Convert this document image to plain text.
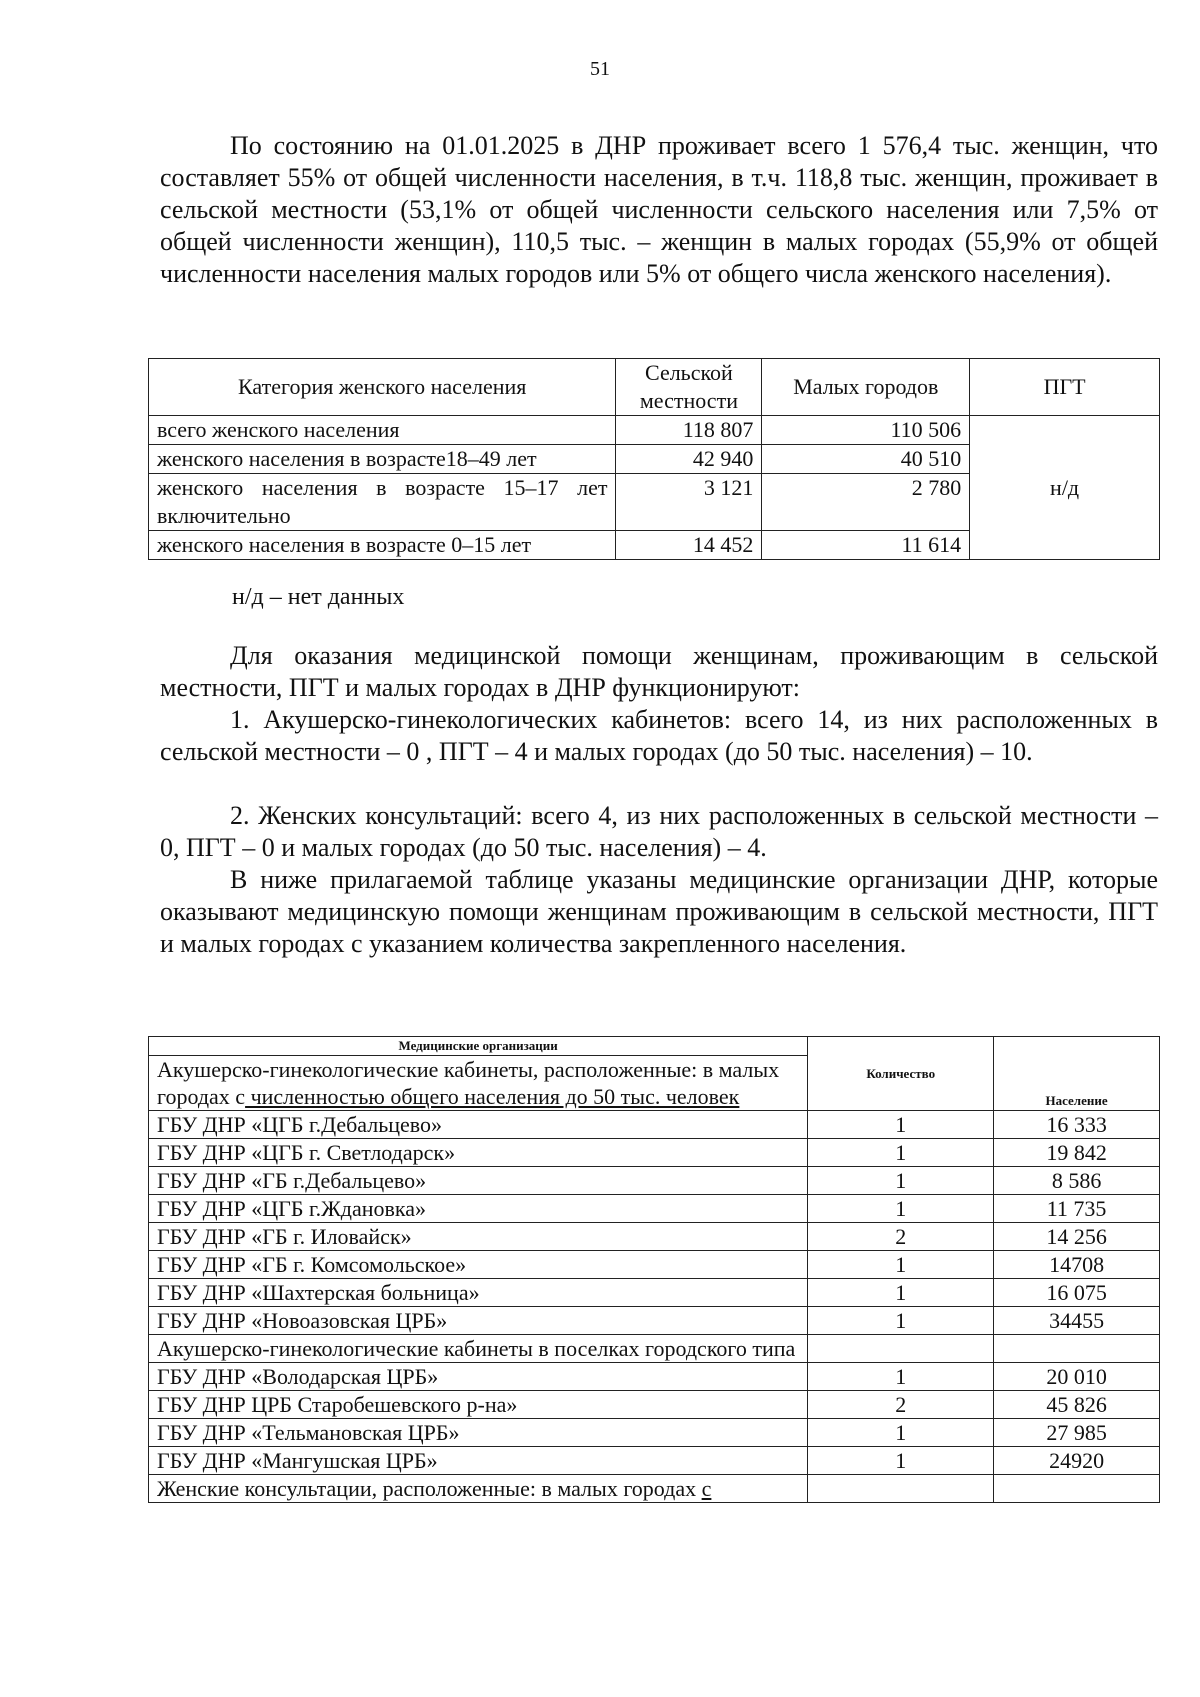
51

По состоянию на 01.01.2025 в ДНР проживает всего 1 576,4 тыс. женщин, что составляет 55% от общей численности населения, в т.ч. 118,8 тыс. женщин, проживает в сельской местности (53,1% от общей численности сельского населения или 7,5% от общей численности женщин), 110,5 тыс. – женщин в малых городах (55,9% от общей численности населения малых городов или 5% от общего числа женского населения).

Категория женского населения	Сельской местности	Малых городов	ПГТ
всего женского населения	118 807	110 506	н/д
женского населения в возрасте18–49 лет	42 940	40 510	
женского населения в возрасте 15–17 лет включительно	3 121	2 780	
женского населения в возрасте 0–15 лет	14 452	11 614	
н/д – нет данных

Для оказания медицинской помощи женщинам, проживающим в сельской местности, ПГТ и малых городах в ДНР функционируют:

1. Акушерско-гинекологических кабинетов: всего 14, из них расположенных в сельской местности – 0 , ПГТ – 4 и малых городах (до 50 тыс. населения) – 10.

2. Женских консультаций: всего 4, из них расположенных в сельской местности – 0, ПГТ – 0 и малых городах (до 50 тыс. населения) – 4.

В ниже прилагаемой таблице указаны медицинские организации ДНР, которые оказывают медицинскую помощи женщинам проживающим в сельской местности, ПГТ и малых городах с указанием количества закрепленного населения.

Медицинские организации	Количество	Население
Акушерско-гинекологические кабинеты, расположенные: в малых городах с численностью общего населения до 50 тыс. человек		
ГБУ ДНР «ЦГБ г.Дебальцево»	1	16 333
ГБУ ДНР «ЦГБ г. Светлодарск»	1	19 842
ГБУ ДНР «ГБ г.Дебальцево»	1	8 586
ГБУ ДНР «ЦГБ г.Ждановка»	1	11 735
ГБУ ДНР «ГБ г. Иловайск»	2	14 256
ГБУ ДНР «ГБ г. Комсомольское»	1	14708
ГБУ ДНР «Шахтерская больница»	1	16 075
ГБУ ДНР «Новоазовская ЦРБ»	1	34455
Акушерско-гинекологические кабинеты в поселках городского типа		
ГБУ ДНР «Володарская ЦРБ»	1	20 010
ГБУ ДНР ЦРБ Старобешевского р-на»	2	45 826
ГБУ ДНР «Тельмановская ЦРБ»	1	27 985
ГБУ ДНР «Мангушская ЦРБ»	1	24920
Женские консультации, расположенные: в малых городах с		
